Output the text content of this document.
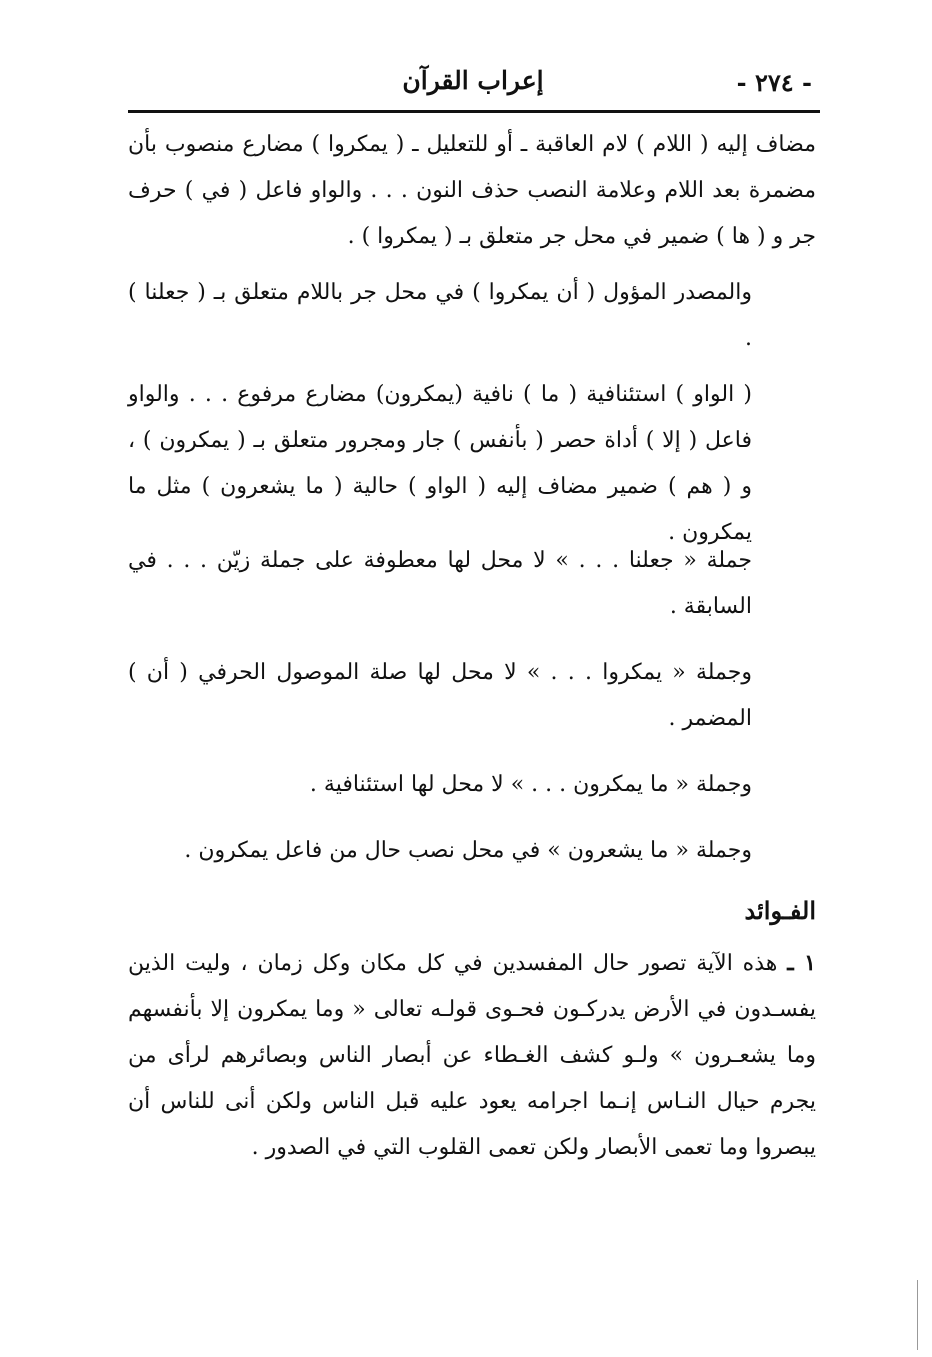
- ٢٧٤ -
إعراب القرآن
مضاف إليه ( اللام ) لام العاقبة ـ أو للتعليل ـ ( يمكروا ) مضارع منصوب بأن مضمرة بعد اللام وعلامة النصب حذف النون . . . والواو فاعل ( في ) حرف جر و ( ها ) ضمير في محل جر متعلق بـ ( يمكروا ) .
والمصدر المؤول ( أن يمكروا ) في محل جر باللام متعلق بـ ( جعلنا ) .
( الواو ) استئنافية ( ما ) نافية (يمكرون) مضارع مرفوع . . . والواو فاعل ( إلا ) أداة حصر ( بأنفس ) جار ومجرور متعلق بـ ( يمكرون ) ، و ( هم ) ضمير مضاف إليه ( الواو ) حالية ( ما يشعرون ) مثل ما يمكرون .
جملة « جعلنا . . . » لا محل لها معطوفة على جملة زيّن . . . في السابقة .
وجملة « يمكروا . . . » لا محل لها صلة الموصول الحرفي ( أن ) المضمر .
وجملة « ما يمكرون . . . » لا محل لها استئنافية .
وجملة « ما يشعرون » في محل نصب حال من فاعل يمكرون .
الفـوائد
١ ـ هذه الآية تصور حال المفسدين في كل مكان وكل زمان ، وليت الذين يفسـدون في الأرض يدركـون فحـوى قولـه تعالى « وما يمكرون إلا بأنفسهم وما يشعـرون » ولـو كشف الغـطاء عن أبصار الناس وبصائرهم لرأى من يجرم حيال النـاس إنـما اجرامه يعود عليه قبل الناس ولكن أنى للناس أن يبصروا وما تعمى الأبصار ولكن تعمى القلوب التي في الصدور .
